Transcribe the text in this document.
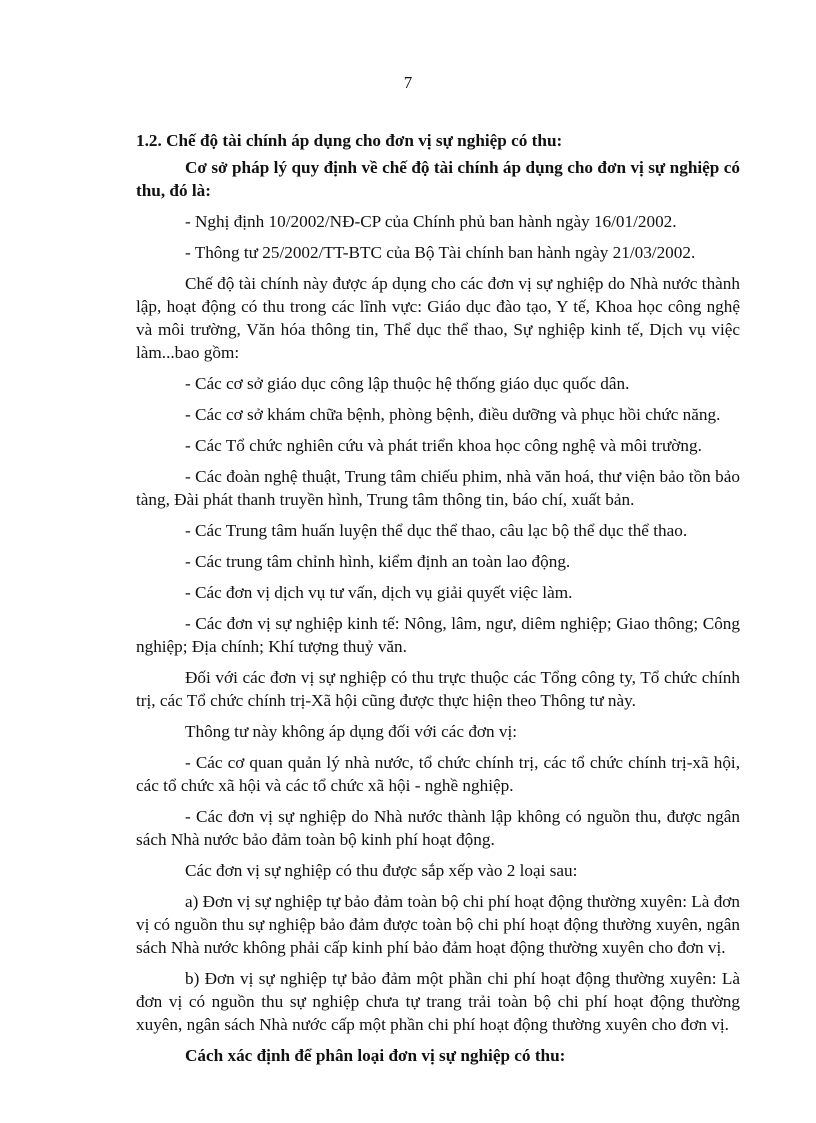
7

1.2. Chế độ tài chính áp dụng cho đơn vị sự nghiệp có thu:

Cơ sở pháp lý quy định về chế độ tài chính áp dụng cho đơn vị sự nghiệp có thu, đó là:

- Nghị định 10/2002/NĐ-CP của Chính phủ ban hành ngày 16/01/2002.

- Thông tư 25/2002/TT-BTC của Bộ Tài chính ban hành ngày 21/03/2002.

Chế độ tài chính này được áp dụng cho các đơn vị sự nghiệp do Nhà nước thành lập, hoạt động có thu trong các lĩnh vực: Giáo dục đào tạo, Y tế, Khoa học công nghệ và môi trường, Văn hóa thông tin, Thể dục thể thao, Sự nghiệp kinh tế, Dịch vụ việc làm...bao gồm:

- Các cơ sở giáo dục công lập thuộc hệ thống giáo dục quốc dân.

- Các cơ sở khám chữa bệnh, phòng bệnh, điều dưỡng và phục hồi chức năng.

- Các Tổ chức nghiên cứu và phát triển khoa học công nghệ và môi trường.

- Các đoàn nghệ thuật, Trung tâm chiếu phim, nhà văn hoá, thư viện bảo tồn bảo tàng, Đài phát thanh truyền hình, Trung tâm thông tin, báo chí, xuất bản.

- Các Trung tâm huấn luyện thể dục thể thao, câu lạc bộ thể dục thể thao.

- Các trung tâm chỉnh hình, kiểm định an toàn lao động.

- Các đơn vị dịch vụ tư vấn, dịch vụ giải quyết việc làm.

- Các đơn vị sự nghiệp kinh tế: Nông, lâm, ngư, diêm nghiệp; Giao thông; Công nghiệp; Địa chính; Khí tượng thuỷ văn.

Đối với các đơn vị sự nghiệp có thu trực thuộc các Tổng công ty, Tổ chức chính trị, các Tổ chức chính trị-Xã hội cũng được thực hiện theo Thông tư này.

Thông tư này không áp dụng đối với các đơn vị:

- Các cơ quan quản lý nhà nước, tổ chức chính trị, các tổ chức chính trị-xã hội, các tổ chức xã hội và các tổ chức xã hội - nghề nghiệp.

- Các đơn vị sự nghiệp do Nhà nước thành lập không có nguồn thu, được ngân sách Nhà nước bảo đảm toàn bộ kinh phí hoạt động.

Các đơn vị sự nghiệp có thu được sắp xếp vào 2 loại sau:

a) Đơn vị sự nghiệp tự bảo đảm toàn bộ chi phí hoạt động thường xuyên: Là đơn vị có nguồn thu sự nghiệp bảo đảm được toàn bộ chi phí hoạt động thường xuyên, ngân sách Nhà nước không phải cấp kinh phí bảo đảm hoạt động thường xuyên cho đơn vị.

b) Đơn vị sự nghiệp tự bảo đảm một phần chi phí hoạt động thường xuyên: Là đơn vị có nguồn thu sự nghiệp chưa tự trang trải toàn bộ chi phí hoạt động thường xuyên, ngân sách Nhà nước cấp một phần chi phí hoạt động thường xuyên cho đơn vị.

Cách xác định để phân loại đơn vị sự nghiệp có thu:
